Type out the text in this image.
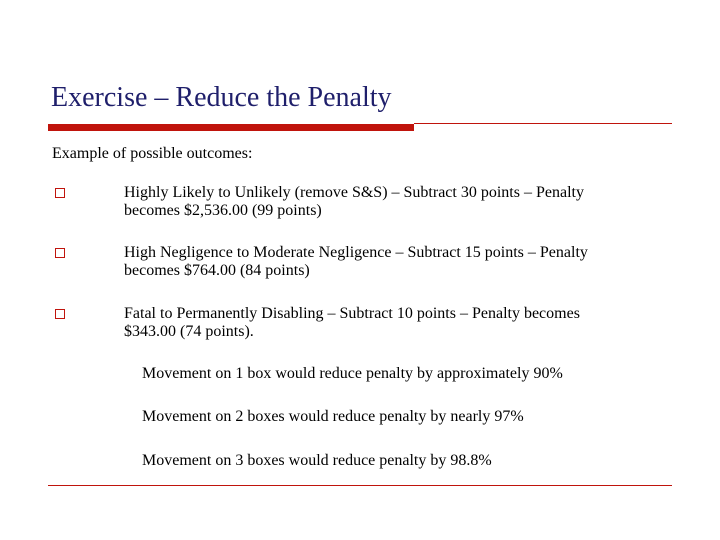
Exercise – Reduce the Penalty
Example of possible outcomes:
Highly Likely to Unlikely (remove S&S) – Subtract 30 points – Penalty
becomes $2,536.00 (99 points)
High Negligence to Moderate Negligence – Subtract 15 points – Penalty
becomes $764.00 (84 points)
Fatal to Permanently Disabling – Subtract 10 points – Penalty becomes
$343.00 (74 points).
Movement on 1 box would reduce penalty by approximately 90%
Movement on 2 boxes would reduce penalty by nearly 97%
Movement on 3 boxes would reduce penalty by 98.8%
